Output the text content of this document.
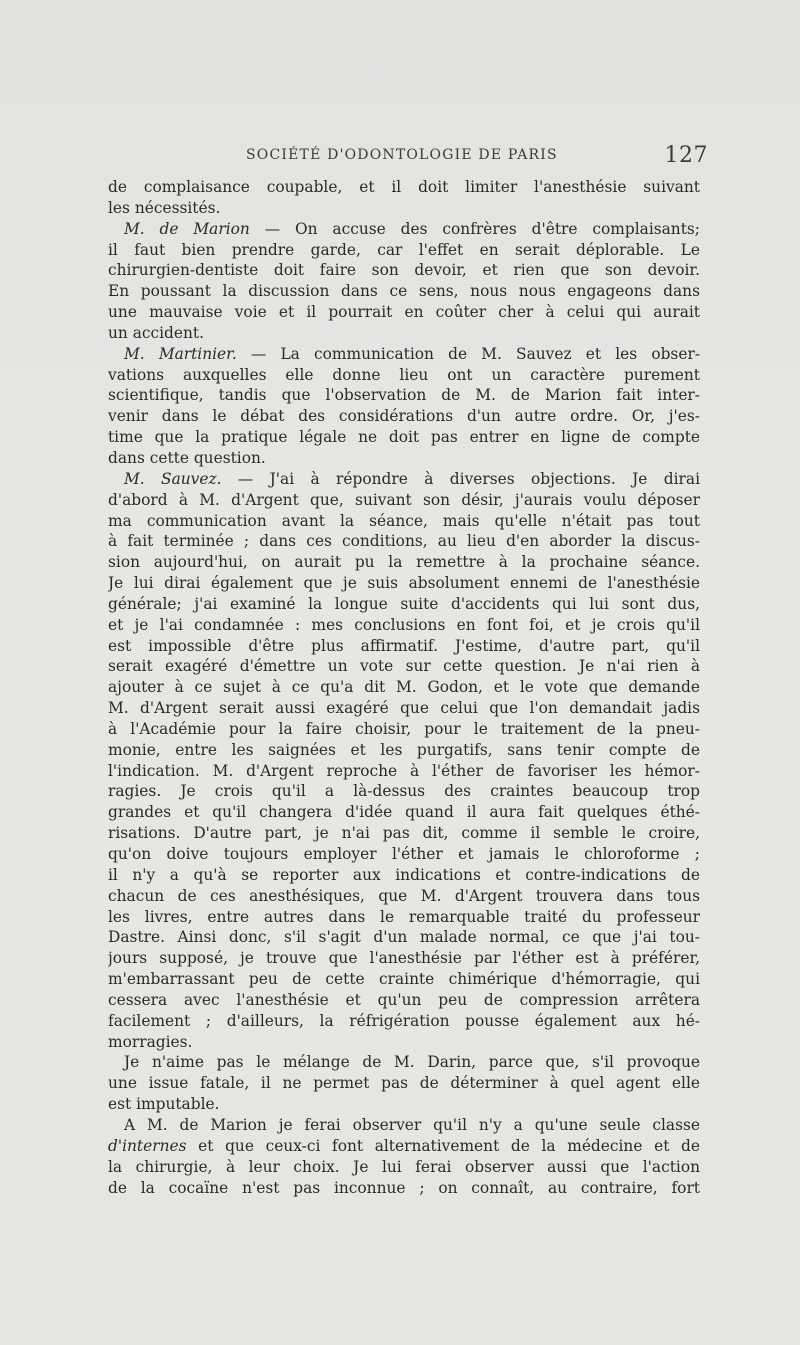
SOCIÉTÉ D'ODONTOLOGIE DE PARIS	127
de complaisance coupable, et il doit limiter l'anesthésie suivant
les nécessités.
M. de Marion — On accuse des confrères d'être complaisants;
il faut bien prendre garde, car l'effet en serait déplorable. Le
chirurgien-dentiste doit faire son devoir, et rien que son devoir.
En poussant la discussion dans ce sens, nous nous engageons dans
une mauvaise voie et il pourrait en coûter cher à celui qui aurait
un accident.
M. Martinier. — La communication de M. Sauvez et les obser-
vations auxquelles elle donne lieu ont un caractère purement
scientifique, tandis que l'observation de M. de Marion fait inter-
venir dans le débat des considérations d'un autre ordre. Or, j'es-
time que la pratique légale ne doit pas entrer en ligne de compte
dans cette question.
M. Sauvez. — J'ai à répondre à diverses objections. Je dirai
d'abord à M. d'Argent que, suivant son désir, j'aurais voulu déposer
ma communication avant la séance, mais qu'elle n'était pas tout
à fait terminée ; dans ces conditions, au lieu d'en aborder la discus-
sion aujourd'hui, on aurait pu la remettre à la prochaine séance.
Je lui dirai également que je suis absolument ennemi de l'anesthésie
générale; j'ai examiné la longue suite d'accidents qui lui sont dus,
et je l'ai condamnée : mes conclusions en font foi, et je crois qu'il
est impossible d'être plus affirmatif. J'estime, d'autre part, qu'il
serait exagéré d'émettre un vote sur cette question. Je n'ai rien à
ajouter à ce sujet à ce qu'a dit M. Godon, et le vote que demande
M. d'Argent serait aussi exagéré que celui que l'on demandait jadis
à l'Académie pour la faire choisir, pour le traitement de la pneu-
monie, entre les saignées et les purgatifs, sans tenir compte de
l'indication. M. d'Argent reproche à l'éther de favoriser les hémor-
ragies. Je crois qu'il a là-dessus des craintes beaucoup trop
grandes et qu'il changera d'idée quand il aura fait quelques éthé-
risations. D'autre part, je n'ai pas dit, comme il semble le croire,
qu'on doive toujours employer l'éther et jamais le chloroforme ;
il n'y a qu'à se reporter aux indications et contre-indications de
chacun de ces anesthésiques, que M. d'Argent trouvera dans tous
les livres, entre autres dans le remarquable traité du professeur
Dastre. Ainsi donc, s'il s'agit d'un malade normal, ce que j'ai tou-
jours supposé, je trouve que l'anesthésie par l'éther est à préférer,
m'embarrassant peu de cette crainte chimérique d'hémorragie, qui
cessera avec l'anesthésie et qu'un peu de compression arrêtera
facilement ; d'ailleurs, la réfrigération pousse également aux hé-
morragies.
Je n'aime pas le mélange de M. Darin, parce que, s'il provoque
une issue fatale, il ne permet pas de déterminer à quel agent elle
est imputable.
A M. de Marion je ferai observer qu'il n'y a qu'une seule classe
d'internes et que ceux-ci font alternativement de la médecine et de
la chirurgie, à leur choix. Je lui ferai observer aussi que l'action
de la cocaïne n'est pas inconnue ; on connaît, au contraire, fort
